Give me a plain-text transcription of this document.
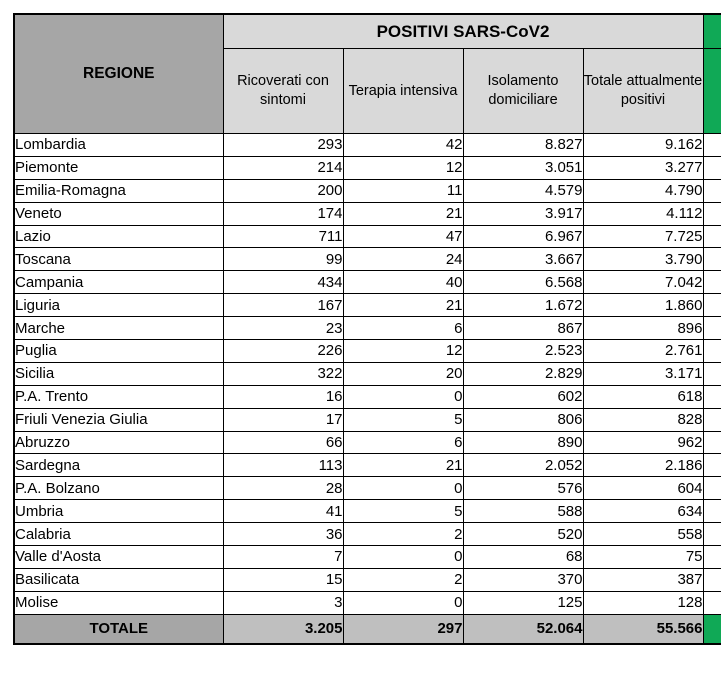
REGIONE	POSITIVI SARS-CoV2				
	Ricoverati con sintomi	Terapia intensiva	Isolamento domiciliare	Totale attualmente positivi	
Lombardia	293	42	8.827	9.162	
Piemonte	214	12	3.051	3.277	
Emilia-Romagna	200	11	4.579	4.790	
Veneto	174	21	3.917	4.112	
Lazio	711	47	6.967	7.725	
Toscana	99	24	3.667	3.790	
Campania	434	40	6.568	7.042	
Liguria	167	21	1.672	1.860	
Marche	23	6	867	896	
Puglia	226	12	2.523	2.761	
Sicilia	322	20	2.829	3.171	
P.A. Trento	16	0	602	618	
Friuli Venezia Giulia	17	5	806	828	
Abruzzo	66	6	890	962	
Sardegna	113	21	2.052	2.186	
P.A. Bolzano	28	0	576	604	
Umbria	41	5	588	634	
Calabria	36	2	520	558	
Valle d'Aosta	7	0	68	75	
Basilicata	15	2	370	387	
Molise	3	0	125	128	
TOTALE	3.205	297	52.064	55.566	
